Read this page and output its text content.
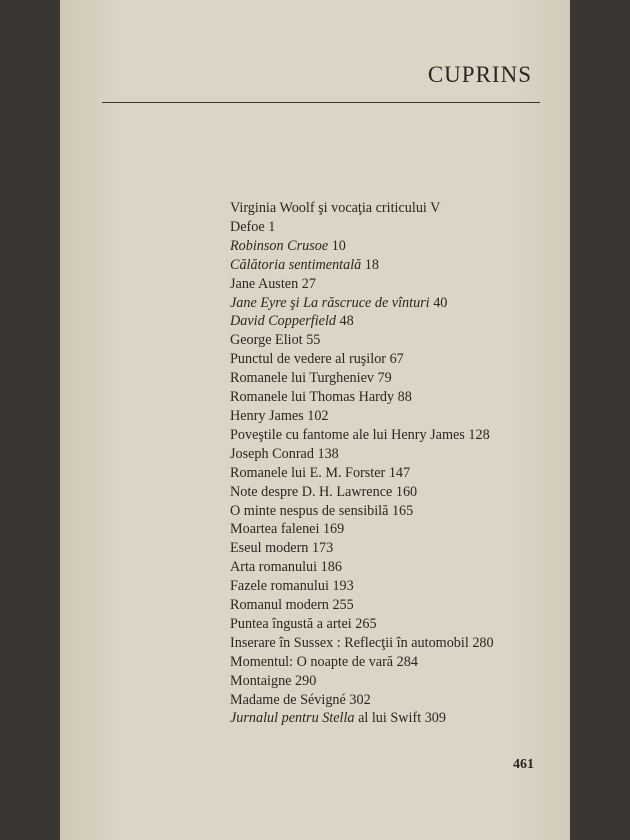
CUPRINS
Virginia Woolf şi vocaţia criticului V
Defoe 1
Robinson Crusoe 10
Călătoria sentimentală 18
Jane Austen 27
Jane Eyre şi La răscruce de vînturi 40
David Copperfield 48
George Eliot 55
Punctul de vedere al ruşilor 67
Romanele lui Turgheniev 79
Romanele lui Thomas Hardy 88
Henry James 102
Poveştile cu fantome ale lui Henry James 128
Joseph Conrad 138
Romanele lui E. M. Forster 147
Note despre D. H. Lawrence 160
O minte nespus de sensibilă 165
Moartea falenei 169
Eseul modern 173
Arta romanului 186
Fazele romanului 193
Romanul modern 255
Puntea îngustă a artei 265
Inserare în Sussex : Reflecţii în automobil 280
Momentul: O noapte de vară 284
Montaigne 290
Madame de Sévigné 302
Jurnalul pentru Stella al lui Swift 309
461
